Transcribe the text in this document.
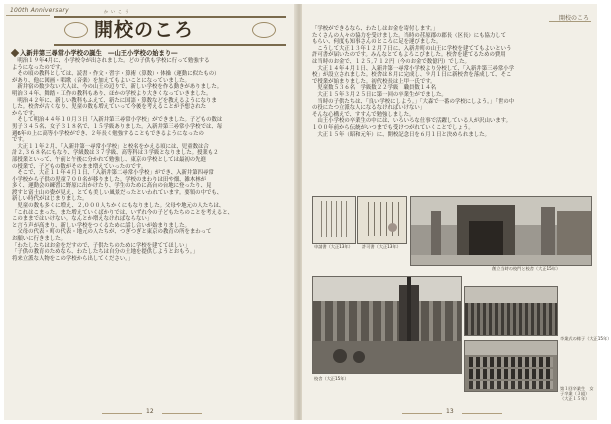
100th Anniversary	かいこう
開校のころ
入新井第三尋常小学校の誕生　―山王小学校の始まり―
　明治１９年4月に、小学校令が出されました。どの子供も学校に行って勉強する
ようになったのです。
　その頃の教科としては、読書・作文・習字・算術（算数）・体操（運動に似たもの）
があり、他に図画・唱歌（音楽）を加えてもよいことになっていました。
　新井宿の数少ない大人は、今の山王の辺りで、新しい学校を作る動きがありました。
明治３４年、舞踏・工作の教科もあり、ほかの学校より大きくなっていきました。
　明治４２年に、新しい教科もふえて、新たに国語・算数などを教えるようになりま
した。校舎が古くなり、児童の数も増えていって今後を考えることが予想された
からです。
　そして明治４４年１０月３日「入新井第三尋常小学校」ができました。子どもの数は
男子３４５名、女子３１８名で、１５学級ありました。入新井第三尋常小学校では、毎
週6年の上に高等小学校ができ、２年長く勉強することもできるようになったの
です。
　大正１１年２月、「入新井第一尋常小学校」と校名をかえる頃には、児童数は合
計２,３６８名にもなり、学級数は３７学級、高等科は３学級となりました。授業も２
部授業といって、午前と午後に分かれて勉強し、東京の学校としては最初の先進
の授業で、子どもの数がそのまま増えていったのです。
　そこで、大正１１年４月１日、「入新井第二尋常小学校」ができ、入新井第四尋常
小学校から子供の児童７００名が移りました。学校のまわりは田や畑、雑木林が
多く、運動会の練習に野原に出かけたり、学生のために高台の台地に登ったり、見
渡すと富士山の姿が見え、とても美しい風景だったといわれています。要領の中でも、
新しい時代がはじまりました。
　児童の数も多くに増え、２,０００人ちかくにもなりました。父母や地元の人たちは、
「これはこまった。また増えていくばかりでは、いずれ今の子どもたちのことを考えると、
このままではいけない。なんとか増えなければならない」
と言う声が高まり、新しい学校をつくるために話し合いが始まりました。
　父母の代表・町の代表・地元の人たちが、つぎつぎと東京の教育の所をまわって
お願いに行きました。
「わたしたちはお金をだすので、子供たちのために学校を建ててほしい」
「子供の教育のためなら、わたしたちは自分の土地を提供しようとおもう。」
将来立派な人物をこの学校から出してください。」
12
開校のころ
「学校ができるなら、わたしはお金を寄付します。」
たくさんの人々の協力を受けました。当時の荏原郡の郡長（区長）にも協力して
もらい、何度も知事さんのところに足を運びました。
　こうして大正１３年１２月７日に、入新井町の山王に学校を建ててもよいという
許可書が届いたのです。みんなとてもよろこびました。校舎を建てるための費用
は当時のお金で、１２５,７１２円（今のお金で数億円）でした。
　大正１４年４月１日、入新井第一尋常小学校より分校して、「入新井第三尋常小学
校」が設立されました。校舎は８月に完成し、９月１日に新校舎を落成して、そこ
で授業が始まりました。初代校長は上甲一氏です。
　児童数５３６名　学級数２２学級　職員数１４名
　大正１５年３月２５日に第一回の卒業生がでました。
　当時の子供たちは、「良い学校にしよう。」「大森で一番の学校にしよう。」「世の中
の役にたつ立派な人になるなければいけない」
そんな心構えで、すすんで勉強しました。
　山王小学校の卒業生の中には、いろいろな仕事で活躍している人が沢山います。
１００年前から伝統がいつまでも受けつがれていくことでしょう。
　大正１５年（昭和元年）に、開校記念日を６月１日と決められました。
申請書（大正13年） 許可書（大正13年）
創立当時の校門と校舎（大正15年）
校舎（大正15年）
卒業式の様子（大正15年）
第１回卒業生　女子卒業（３組）（大正１５年）
13
